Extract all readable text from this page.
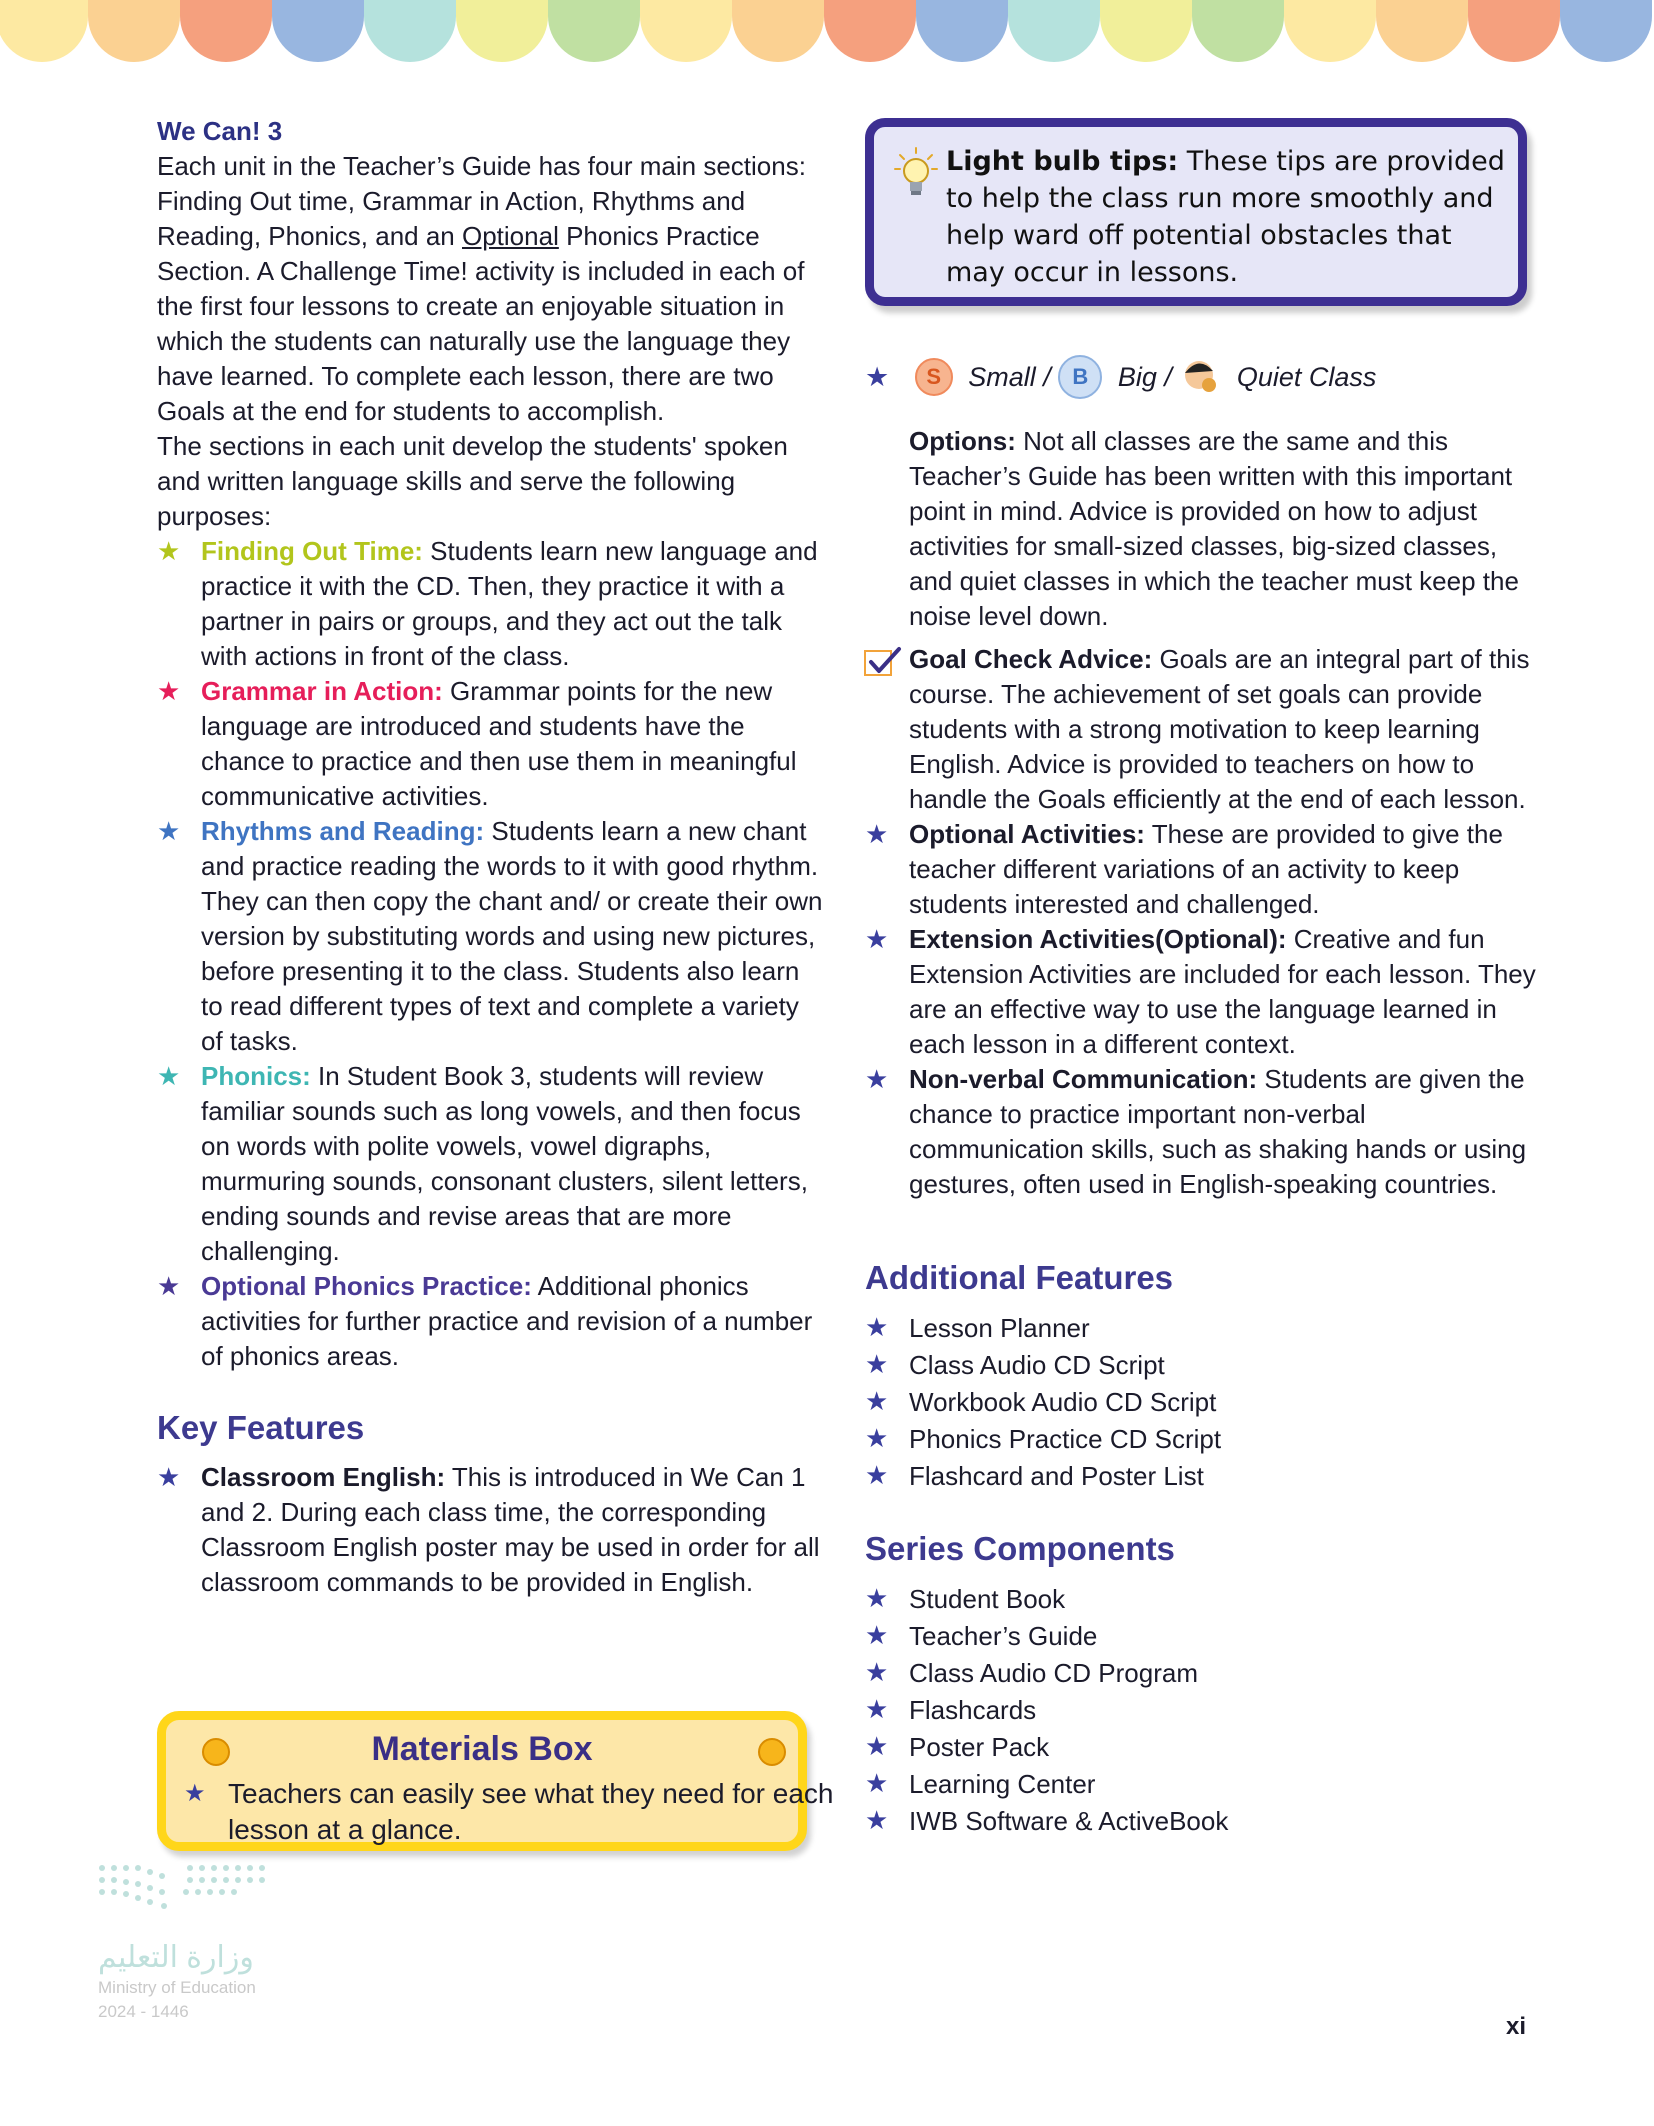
We Can! 3
Each unit in the Teacher’s Guide has four main sections: Finding Out time, Grammar in Action, Rhythms and Reading, Phonics, and an Optional Phonics Practice Section. A Challenge Time! activity is included in each of the first four lessons to create an enjoyable situation in which the students can naturally use the language they have learned. To complete each lesson, there are two Goals at the end for students to accomplish.
The sections in each unit develop the students' spoken and written language skills and serve the following purposes:
★ Finding Out Time: Students learn new language and practice it with the CD. Then, they practice it with a partner in pairs or groups, and they act out the talk with actions in front of the class.
★ Grammar in Action: Grammar points for the new language are introduced and students have the chance to practice and then use them in meaningful communicative activities.
★ Rhythms and Reading: Students learn a new chant and practice reading the words to it with good rhythm. They can then copy the chant and/ or create their own version by substituting words and using new pictures, before presenting it to the class. Students also learn to read different types of text and complete a variety of tasks.
★ Phonics: In Student Book 3, students will review familiar sounds such as long vowels, and then focus on words with polite vowels, vowel digraphs, murmuring sounds, consonant clusters, silent letters, ending sounds and revise areas that are more challenging.
★ Optional Phonics Practice: Additional phonics activities for further practice and revision of a number of phonics areas.
Key Features
★ Classroom English: This is introduced in We Can 1 and 2. During each class time, the corresponding Classroom English poster may be used in order for all classroom commands to be provided in English.
Materials Box
★ Teachers can easily see what they need for each lesson at a glance.
Light bulb tips: These tips are provided to help the class run more smoothly and help ward off potential obstacles that may occur in lessons.
★ S Small / B Big / Quiet Class
Options: Not all classes are the same and this Teacher’s Guide has been written with this important point in mind. Advice is provided on how to adjust activities for small-sized classes, big-sized classes, and quiet classes in which the teacher must keep the noise level down.
Goal Check Advice: Goals are an integral part of this course. The achievement of set goals can provide students with a strong motivation to keep learning English. Advice is provided to teachers on how to handle the Goals efficiently at the end of each lesson.
★ Optional Activities: These are provided to give the teacher different variations of an activity to keep students interested and challenged.
★ Extension Activities(Optional): Creative and fun Extension Activities are included for each lesson. They are an effective way to use the language learned in each lesson in a different context.
★ Non-verbal Communication: Students are given the chance to practice important non-verbal communication skills, such as shaking hands or using gestures, often used in English-speaking countries.
Additional Features
★ Lesson Planner
★ Class Audio CD Script
★ Workbook Audio CD Script
★ Phonics Practice CD Script
★ Flashcard and Poster List
Series Components
★ Student Book
★ Teacher’s Guide
★ Class Audio CD Program
★ Flashcards
★ Poster Pack
★ Learning Center
★ IWB Software & ActiveBook
وزارة التعليم
Ministry of Education
2024 - 1446
xi
